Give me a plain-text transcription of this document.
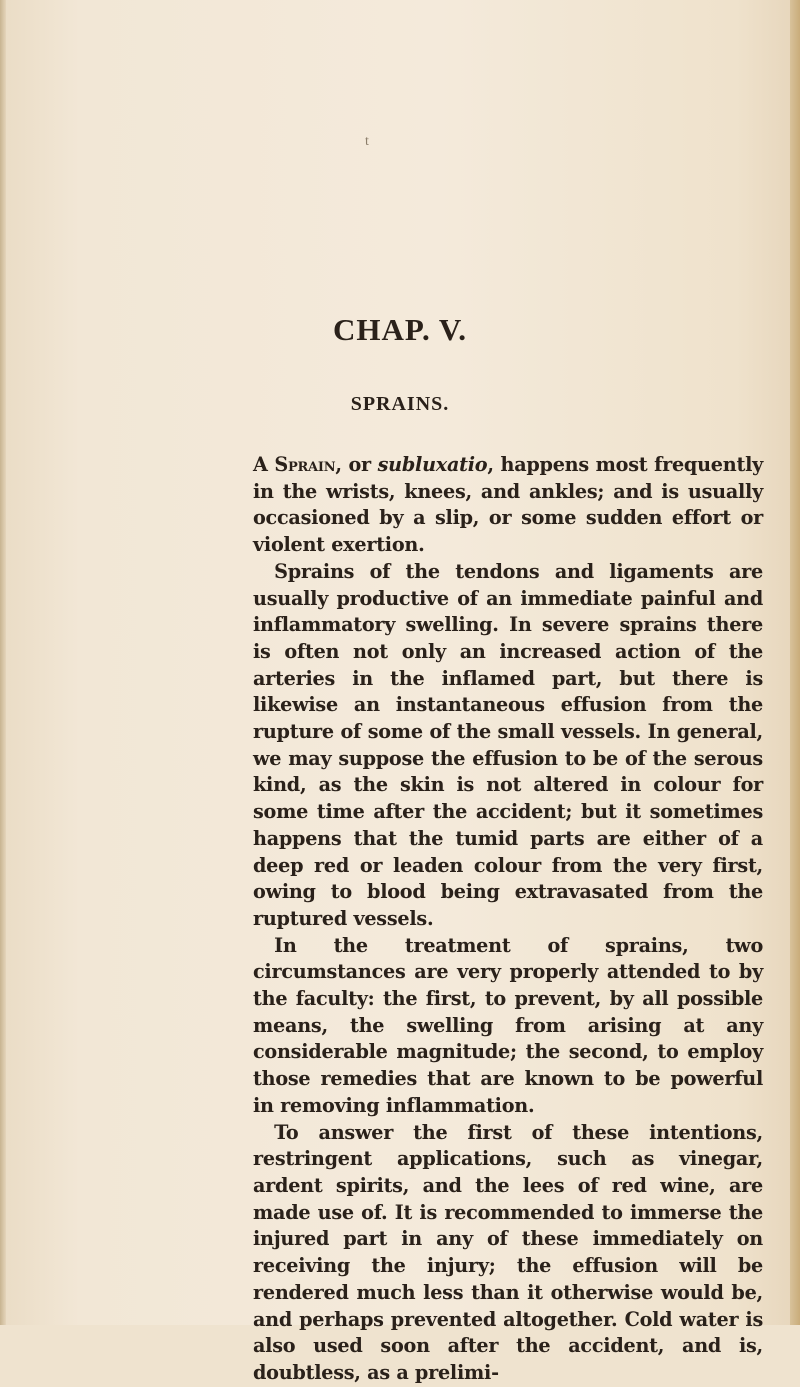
t
CHAP. V.
SPRAINS.

A Sprain, or subluxatio, happens most frequently in the wrists, knees, and ankles; and is usually occasioned by a slip, or some sudden effort or violent exertion.

Sprains of the tendons and ligaments are usually productive of an immediate painful and inflammatory swelling. In severe sprains there is often not only an increased action of the arteries in the inflamed part, but there is likewise an instantaneous effusion from the rupture of some of the small vessels. In general, we may suppose the effusion to be of the serous kind, as the skin is not altered in colour for some time after the accident; but it sometimes happens that the tumid parts are either of a deep red or leaden colour from the very first, owing to blood being extravasated from the ruptured vessels.

In the treatment of sprains, two circumstances are very properly attended to by the faculty: the first, to prevent, by all possible means, the swelling from arising at any considerable magnitude; the second, to employ those remedies that are known to be powerful in removing inflammation.

To answer the first of these intentions, restringent applications, such as vinegar, ardent spirits, and the lees of red wine, are made use of. It is recommended to immerse the injured part in any of these immediately on receiving the injury; the effusion will be rendered much less than it otherwise would be, and perhaps prevented altogether. Cold water is also used soon after the accident, and is, doubtless, as a prelimi-
